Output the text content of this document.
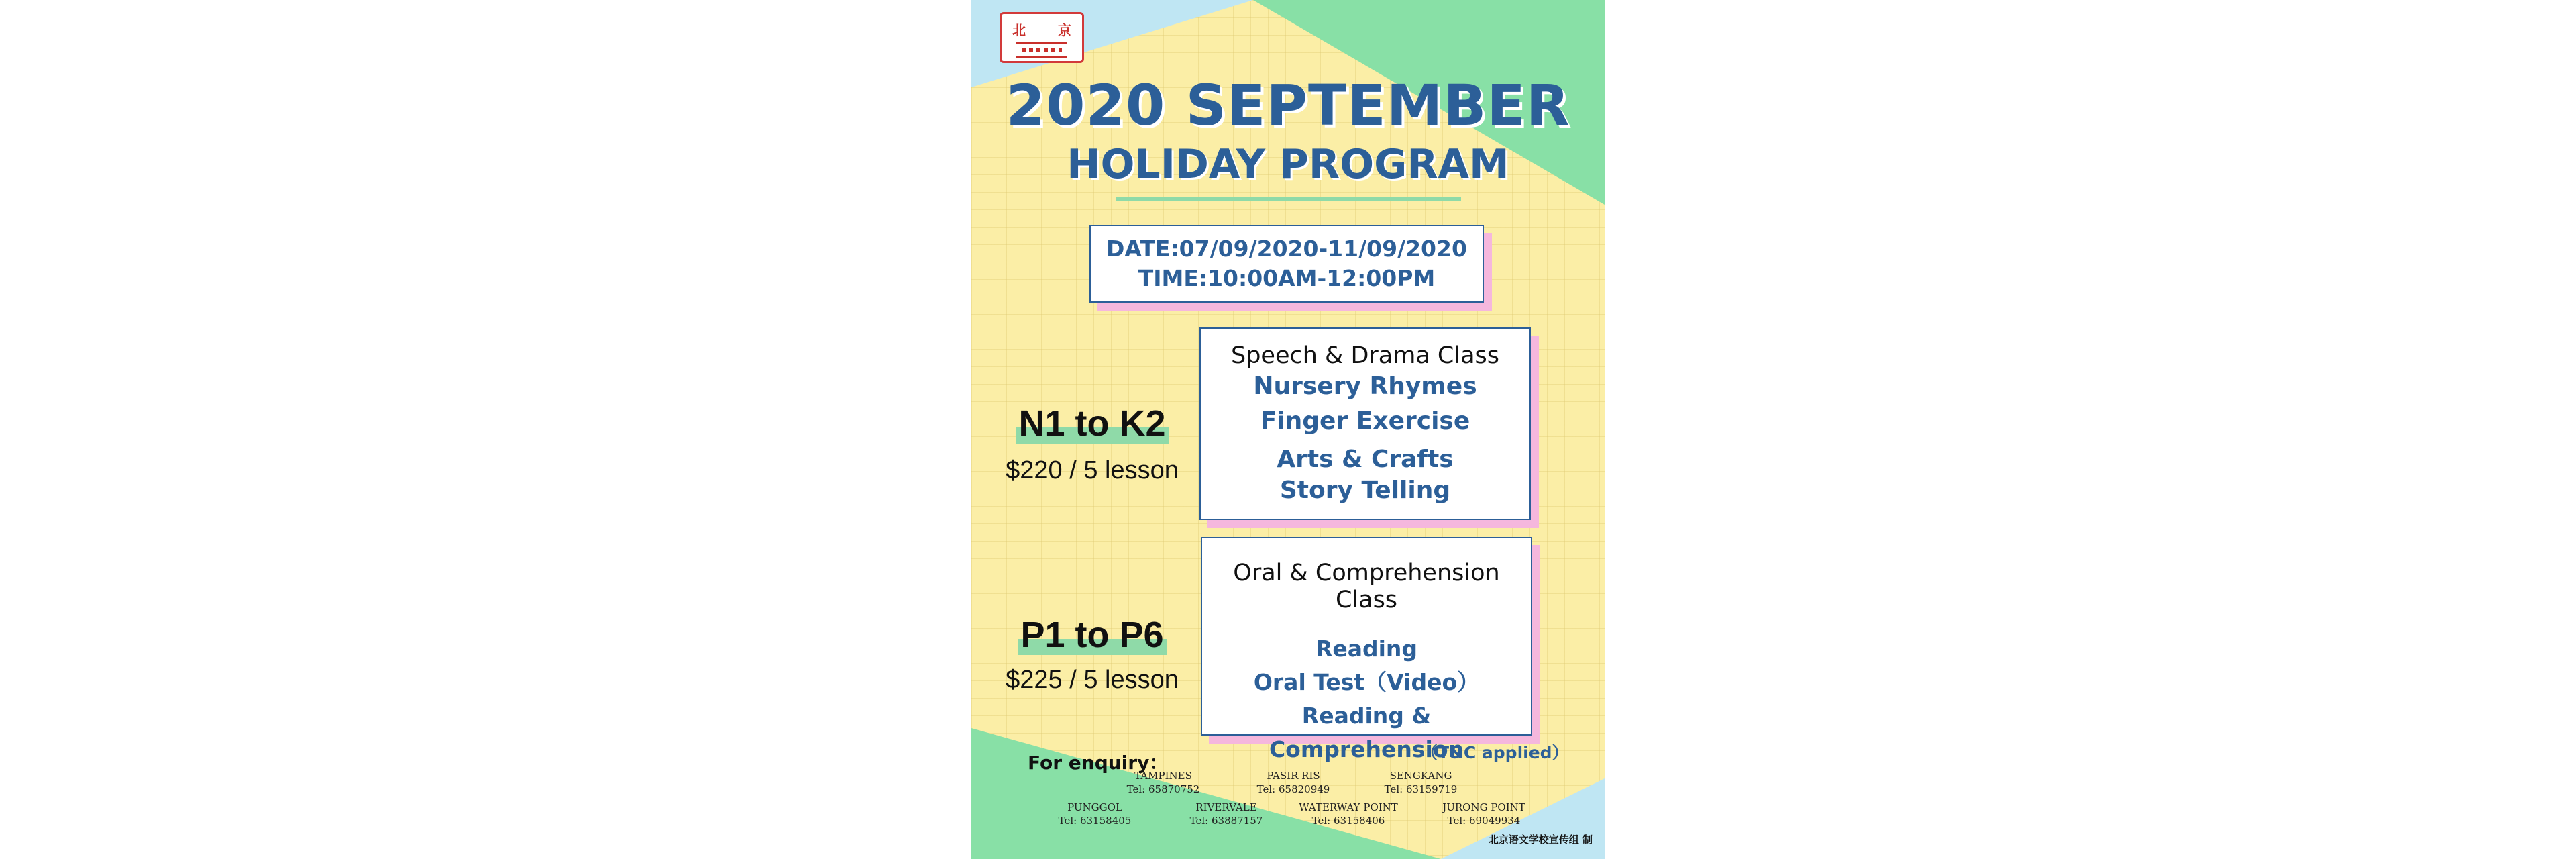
北 京
2020 SEPTEMBER
HOLIDAY PROGRAM
DATE:07/09/2020-11/09/2020
TIME:10:00AM-12:00PM
N1 to K2
$220 / 5 lesson
Speech & Drama Class
Nursery Rhymes
Finger Exercise
Arts & Crafts
Story Telling
P1 to P6
$225 / 5 lesson
Oral & Comprehension Class
Reading
Oral Test（Video）
Reading & Comprehension
（T&C applied）
For enquiry：
TAMPINES
Tel: 65870752
PASIR RIS
Tel: 65820949
SENGKANG
Tel: 63159719
PUNGGOL
Tel: 63158405
RIVERVALE
Tel: 63887157
WATERWAY POINT
Tel: 63158406
JURONG POINT
Tel: 69049934
北京语文学校宣传组 制
